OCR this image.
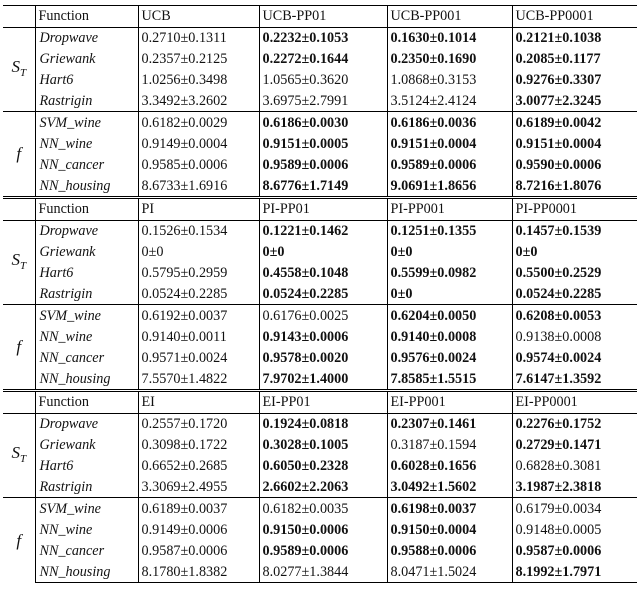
	Function	UCB	UCB-PP01	UCB-PP001	UCB-PP0001
$S_T$	Dropwave	0.2710±0.1311	0.2232±0.1053	0.1630±0.1014	0.2121±0.1038
	Griewank	0.2357±0.2125	0.2272±0.1644	0.2350±0.1690	0.2085±0.1177
	Hart6	1.0256±0.3498	1.0565±0.3620	1.0868±0.3153	0.9276±0.3307
	Rastrigin	3.3492±3.2602	3.6975±2.7991	3.5124±2.4124	3.0077±2.3245
f	SVM_wine	0.6182±0.0029	0.6186±0.0030	0.6186±0.0036	0.6189±0.0042
	NN_wine	0.9149±0.0004	0.9151±0.0005	0.9151±0.0004	0.9151±0.0004
	NN_cancer	0.9585±0.0006	0.9589±0.0006	0.9589±0.0006	0.9590±0.0006
	NN_housing	8.6733±1.6916	8.6776±1.7149	9.0691±1.8656	8.7216±1.8076
	Function	PI	PI-PP01	PI-PP001	PI-PP0001
$S_T$	Dropwave	0.1526±0.1534	0.1221±0.1462	0.1251±0.1355	0.1457±0.1539
	Griewank	0±0	0±0	0±0	0±0
	Hart6	0.5795±0.2959	0.4558±0.1048	0.5599±0.0982	0.5500±0.2529
	Rastrigin	0.0524±0.2285	0.0524±0.2285	0±0	0.0524±0.2285
f	SVM_wine	0.6192±0.0037	0.6176±0.0025	0.6204±0.0050	0.6208±0.0053
	NN_wine	0.9140±0.0011	0.9143±0.0006	0.9140±0.0008	0.9138±0.0008
	NN_cancer	0.9571±0.0024	0.9578±0.0020	0.9576±0.0024	0.9574±0.0024
	NN_housing	7.5570±1.4822	7.9702±1.4000	7.8585±1.5515	7.6147±1.3592
	Function	EI	EI-PP01	EI-PP001	EI-PP0001
$S_T$	Dropwave	0.2557±0.1720	0.1924±0.0818	0.2307±0.1461	0.2276±0.1752
	Griewank	0.3098±0.1722	0.3028±0.1005	0.3187±0.1594	0.2729±0.1471
	Hart6	0.6652±0.2685	0.6050±0.2328	0.6028±0.1656	0.6828±0.3081
	Rastrigin	3.3069±2.4955	2.6602±2.2063	3.0492±1.5602	3.1987±2.3818
f	SVM_wine	0.6189±0.0037	0.6182±0.0035	0.6198±0.0037	0.6179±0.0034
	NN_wine	0.9149±0.0006	0.9150±0.0006	0.9150±0.0004	0.9148±0.0005
	NN_cancer	0.9587±0.0006	0.9589±0.0006	0.9588±0.0006	0.9587±0.0006
	NN_housing	8.1780±1.8382	8.0277±1.3844	8.0471±1.5024	8.1992±1.7971
